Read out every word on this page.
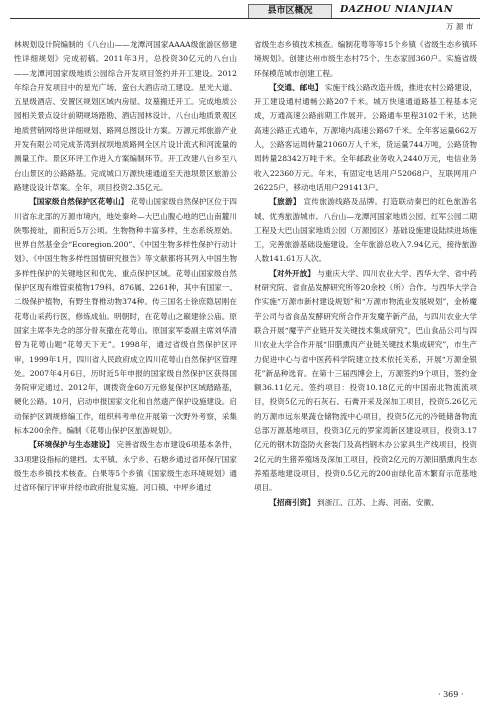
县市区概况	DAZHOU NIANJIAN
万 源 市

林规划设计院编制的《八台山——龙潭河国家AAAA级旅游区修建性详细规划》完成初稿。2011年3月，总投资30亿元的八台山——龙潭河国家级地质公园综合开发项目签约并开工建设。2012年综合开发项目中的星光广场、蛮台大酒店动工建设。星光大道、五星级酒店、安置区规划区域内房屋、坟墓搬迁开工。完成地质公园相关景点设计前期规场踏勘、酒店园林设计、八台山地质景观区地质营销网络世详细规划、路网总图设计方案。万源元邦旅游产业开发有限公司完成茶湾到叔坝地质路网全区片设计流式和河流量的测量工作。景区环评工作进入方案编制环节。开工改建八台乡至八台山景区的公路路基。完成城口万源快速通道至天池坝景区旅游公路建设设计草案。全年，项目投资2.35亿元。

【国家级自然保护区花萼山】 花萼山国家级自然保护区位于四川省东北部的万源市境内，地处秦岭—大巴山腹心地的巴山南麓川陕鄂接址，面积近5万公顷。生物物种丰富多样，生态系统原始。世界自然基金会“Ecoregion.200”、《中国生物多样性保护行动计划》、《中国生物多样性国情研究报告》等文献都将其列入中国生物多样性保护的关键地区和优先、重点保护区域。花萼山国家级自然保护区现有维管束植物179科、876属、2261种，其中有国家一、二级保护植物，有野生脊椎动物374种。传三国名士徐庶隐居刚在花萼山采药行医，修炼成仙。明朝时，在花萼山之巅建徐公庙。原国家主席李先念的部分骨灰撒在花萼山。原国家军委副主席刘华清曾为花萼山题“花萼天下无”。1998年，通过省级自然保护区评审，1999年1月，四川省人民政府成立四川花萼山自然保护区管理处。2007年4月6日，历时近5年申报的国家级自然保护区获得国务院审定通过。2012年，调拨资金60万元修复保护区域踏路基，硬化公路。10月，启动申报国家文化和自然遗产保护设施建设。启动保护区调规修编工作，组织科考单位开展第一次野外考察，采集标本200余件。编制《花萼山保护区旅游规划》。

【环境保护与生态建设】 完善省级生态市建设6项基本条件，33项建设指标的建档。太平镇、永宁乡、石塘乡通过省环保厅国家级生态乡镇技术核查。白果等5个乡镇《国家级生态环境规划》通过省环保厅评审并经市政府批复实施。河口镇、中坪乡通过

省级生态乡镇技术核查。编制花萼等等15个乡镇《省级生态乡镇环境规划》。创建达州市级生态村75个、生态家园360户。实施省级环保模范城市创建工程。

【交通、邮电】 实施干线公路改造升级，推进农村公路建设，开工建设通村通畅公路207千米。城万快速通道路基工程基本完成，万通高速公路前期工作展开。公路通车里程3102千米，达陕高速公路正式通车，万源境内高速公路67千米。全年客运量662万人，公路客运周转量21060万人千米，货运量744万吨，公路货物周转量28342万吨千米。全年邮政业务收入2440万元，电信业务收入22360万元。年末，有固定电话用户52068户，互联网用户26225户，移动电话用户291413户。

【旅游】 宣传旅游线路及品牌。打造联动秦巴的红色旅游名城、优秀旅游城市。八台山—龙潭河国家地质公园、红军公园二期工程及大巴山国家地质公园（万源园区）基础设施建设陆续进场施工，完善旅游基础设施建设。全年旅游总收入7.94亿元，接待旅游人数141.61万人次。

【对外开放】 与重庆大学、四川农业大学、西华大学、省中药材研究院、省食品发酵研究所等20余校（所）合作。与西华大学合作实施“万源市新村建设规划”和“万源市物流业发展规划”，金桥魔芋公司与省食品发酵研究所合作开发魔芋新产品，与四川农业大学联合开展“魔芋产业链开发关键技术集成研究”，巴山食品公司与四川农业大学合作开展“旧腊熏肉产业链关键技术集成研究”，市生产力促进中心与省中医药科学院建立技术依托关系，开展“万源金银花”新品种选育。在第十三届西博会上，万源签约9个项目，签约金额36.11亿元。签约项目：投资10.18亿元的中国南北物流流项目，投资5亿元的石灰石、石膏开采及深加工项目，投资5.26亿元的万源市远东果蔬仓储物流中心项目，投资5亿元的冷链储备物流总部万源基地项目，投资3亿元的罗家湾新区建设项目，投资3.17亿元的钢木防盗防火套装门及高档钢木办公家具生产线项目，投资2亿元的生猪养殖场及深加工项目，投资2亿元的万源旧腊熏肉生态养殖基地建设项目，投资0.5亿元的200亩绿化苗木繁育示范基地项目。

【招商引资】 到浙江、江苏、上海、河南、安徽、

· 369 ·
